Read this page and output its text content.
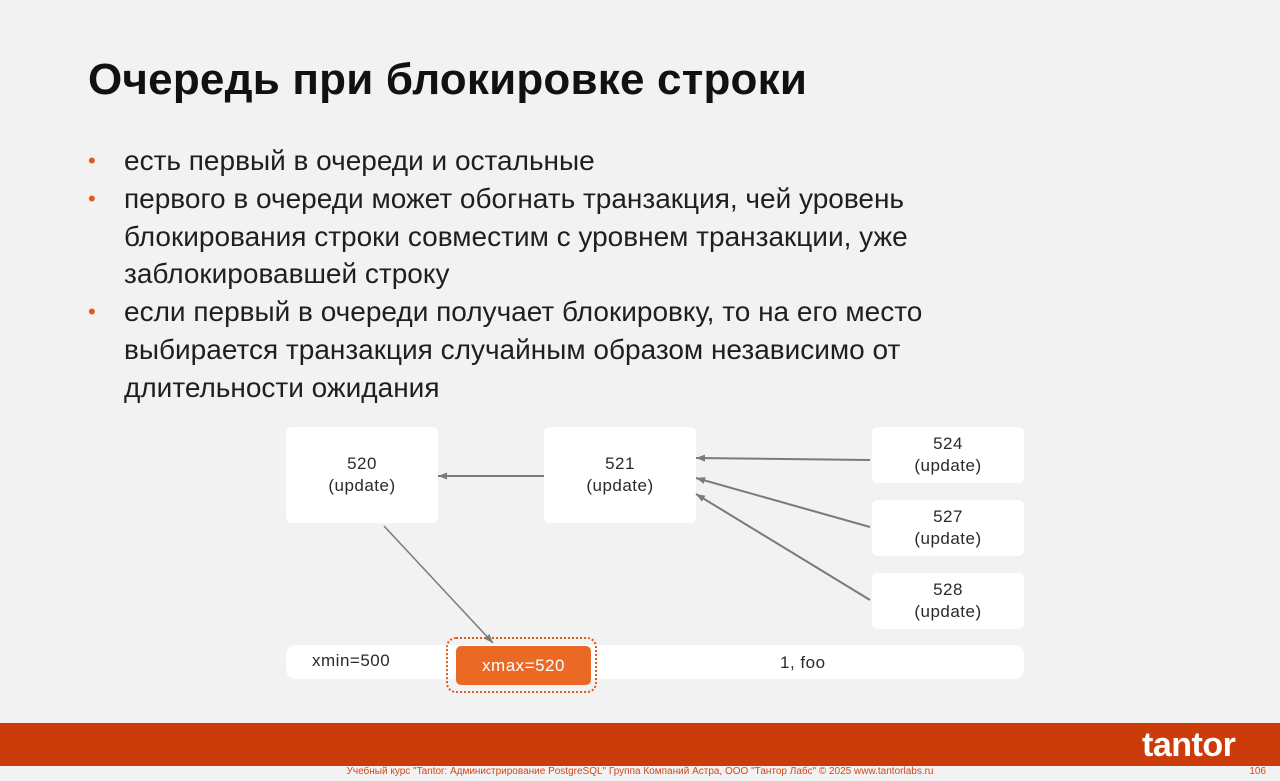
Очередь при блокировке строки
• есть первый в очереди и остальные
• первого в очереди может обогнать транзакция, чей уровень
блокирования строки совместим с уровнем транзакции, уже
заблокировавшей строку
• если первый в очереди получает блокировку, то на его место
выбирается транзакция случайным образом независимо от
длительности ожидания
520
(update)
521
(update)
524
(update)
527
(update)
528
(update)
xmin=500	1, foo
xmax=520
tantor
Учебный курс "Tantor: Администрирование PostgreSQL" Группа Компаний Астра, ООО "Тантор Лабс" © 2025 www.tantorlabs.ru	106
